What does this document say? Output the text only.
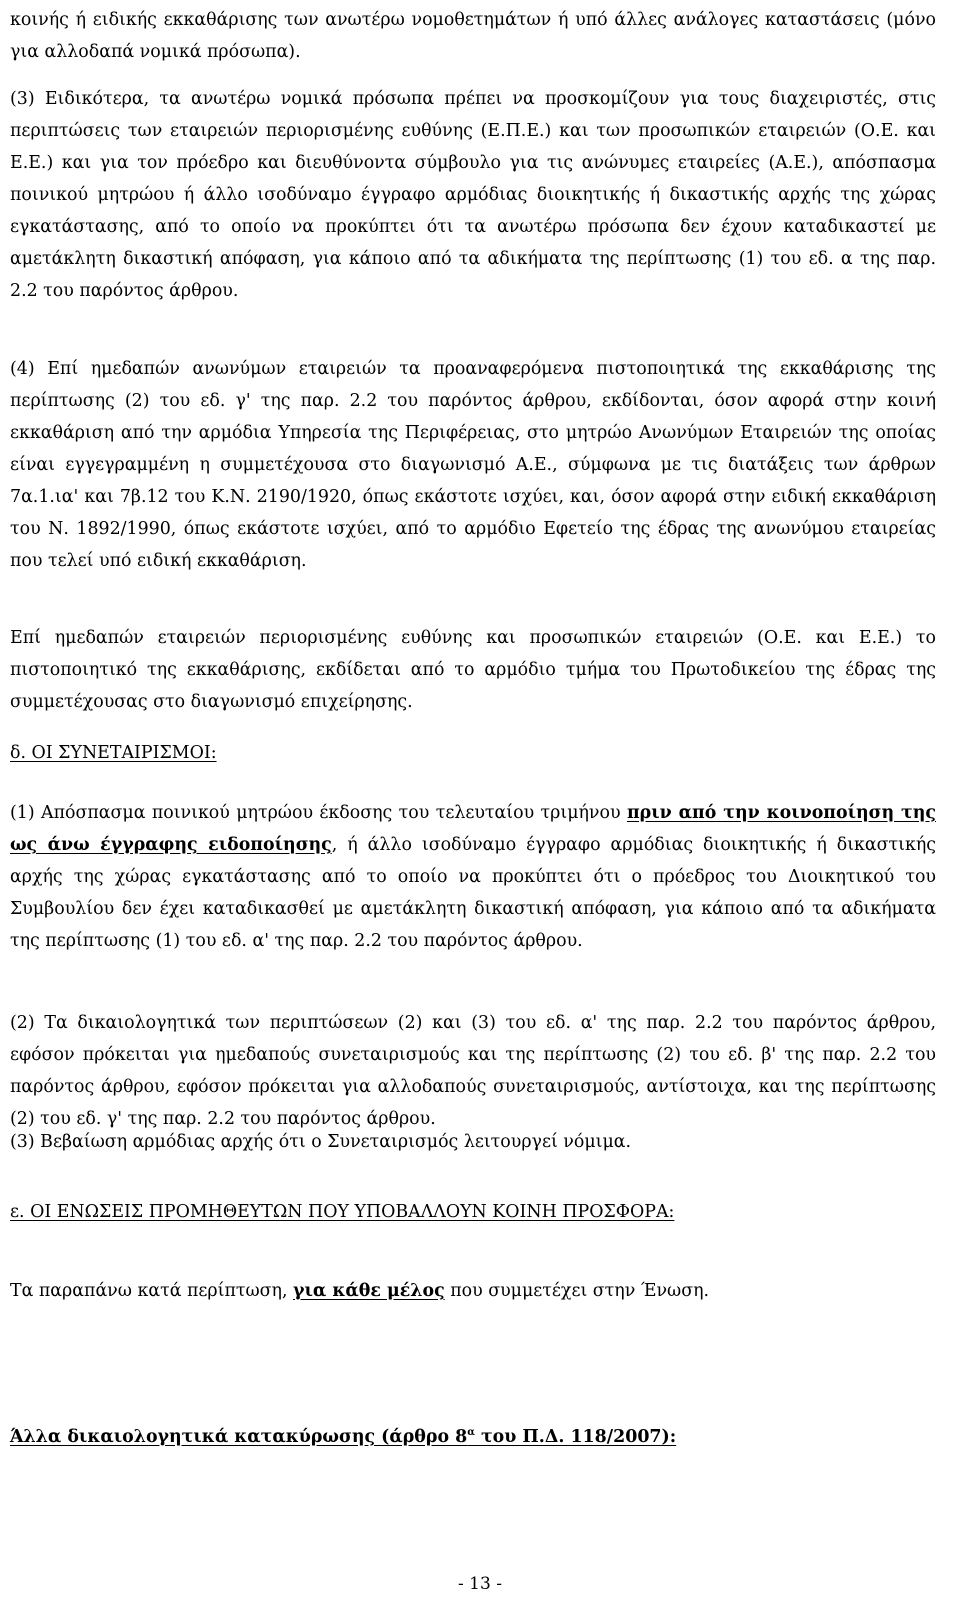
κοινής ή ειδικής εκκαθάρισης των ανωτέρω νομοθετημάτων ή υπό άλλες ανάλογες καταστάσεις (μόνο για αλλοδαπά νομικά πρόσωπα).

(3) Ειδικότερα, τα ανωτέρω νομικά πρόσωπα πρέπει να προσκομίζουν για τους διαχειριστές, στις περιπτώσεις των εταιρειών περιορισμένης ευθύνης (Ε.Π.Ε.) και των προσωπικών εταιρειών (Ο.Ε. και Ε.Ε.) και για τον πρόεδρο και διευθύνοντα σύμβουλο για τις ανώνυμες εταιρείες (Α.Ε.), απόσπασμα ποινικού μητρώου ή άλλο ισοδύναμο έγγραφο αρμόδιας διοικητικής ή δικαστικής αρχής της χώρας εγκατάστασης, από το οποίο να προκύπτει ότι τα ανωτέρω πρόσωπα δεν έχουν καταδικαστεί με αμετάκλητη δικαστική απόφαση, για κάποιο από τα αδικήματα της περίπτωσης (1) του εδ. α της παρ. 2.2 του παρόντος άρθρου.

(4) Επί ημεδαπών ανωνύμων εταιρειών τα προαναφερόμενα πιστοποιητικά της εκκαθάρισης της περίπτωσης (2) του εδ. γ' της παρ. 2.2 του παρόντος άρθρου, εκδίδονται, όσον αφορά στην κοινή εκκαθάριση από την αρμόδια Υπηρεσία της Περιφέρειας, στο μητρώο Ανωνύμων Εταιρειών της οποίας είναι εγγεγραμμένη η συμμετέχουσα στο διαγωνισμό Α.Ε., σύμφωνα με τις διατάξεις των άρθρων 7α.1.ια' και 7β.12 του Κ.Ν. 2190/1920, όπως εκάστοτε ισχύει, και, όσον αφορά στην ειδική εκκαθάριση του Ν. 1892/1990, όπως εκάστοτε ισχύει, από το αρμόδιο Εφετείο της έδρας της ανωνύμου εταιρείας που τελεί υπό ειδική εκκαθάριση.

Επί ημεδαπών εταιρειών περιορισμένης ευθύνης και προσωπικών εταιρειών (Ο.Ε. και Ε.Ε.) το πιστοποιητικό της εκκαθάρισης, εκδίδεται από το αρμόδιο τμήμα του Πρωτοδικείου της έδρας της συμμετέχουσας στο διαγωνισμό επιχείρησης.

δ. ΟΙ ΣΥΝΕΤΑΙΡΙΣΜΟΙ:

(1) Απόσπασμα ποινικού μητρώου έκδοσης του τελευταίου τριμήνου πριν από την κοινοποίηση της ως άνω έγγραφης ειδοποίησης, ή άλλο ισοδύναμο έγγραφο αρμόδιας διοικητικής ή δικαστικής αρχής της χώρας εγκατάστασης από το οποίο να προκύπτει ότι ο πρόεδρος του Διοικητικού του Συμβουλίου δεν έχει καταδικασθεί με αμετάκλητη δικαστική απόφαση, για κάποιο από τα αδικήματα της περίπτωσης (1) του εδ. α' της παρ. 2.2 του παρόντος άρθρου.

(2) Τα δικαιολογητικά των περιπτώσεων (2) και (3) του εδ. α' της παρ. 2.2 του παρόντος άρθρου, εφόσον πρόκειται για ημεδαπούς συνεταιρισμούς και της περίπτωσης (2) του εδ. β' της παρ. 2.2 του παρόντος άρθρου, εφόσον πρόκειται για αλλοδαπούς συνεταιρισμούς, αντίστοιχα, και της περίπτωσης (2) του εδ. γ' της παρ. 2.2 του παρόντος άρθρου.

(3) Βεβαίωση αρμόδιας αρχής ότι ο Συνεταιρισμός λειτουργεί νόμιμα.

ε. ΟΙ ΕΝΩΣΕΙΣ ΠΡΟΜΗΘΕΥΤΩΝ ΠΟΥ ΥΠΟΒΑΛΛΟΥΝ ΚΟΙΝΗ ΠΡΟΣΦΟΡΑ:

Τα παραπάνω κατά περίπτωση, για κάθε μέλος που συμμετέχει στην Ένωση.

Άλλα δικαιολογητικά κατακύρωσης (άρθρο $8^\alpha$ του Π.Δ. 118/2007):

- 13 -
